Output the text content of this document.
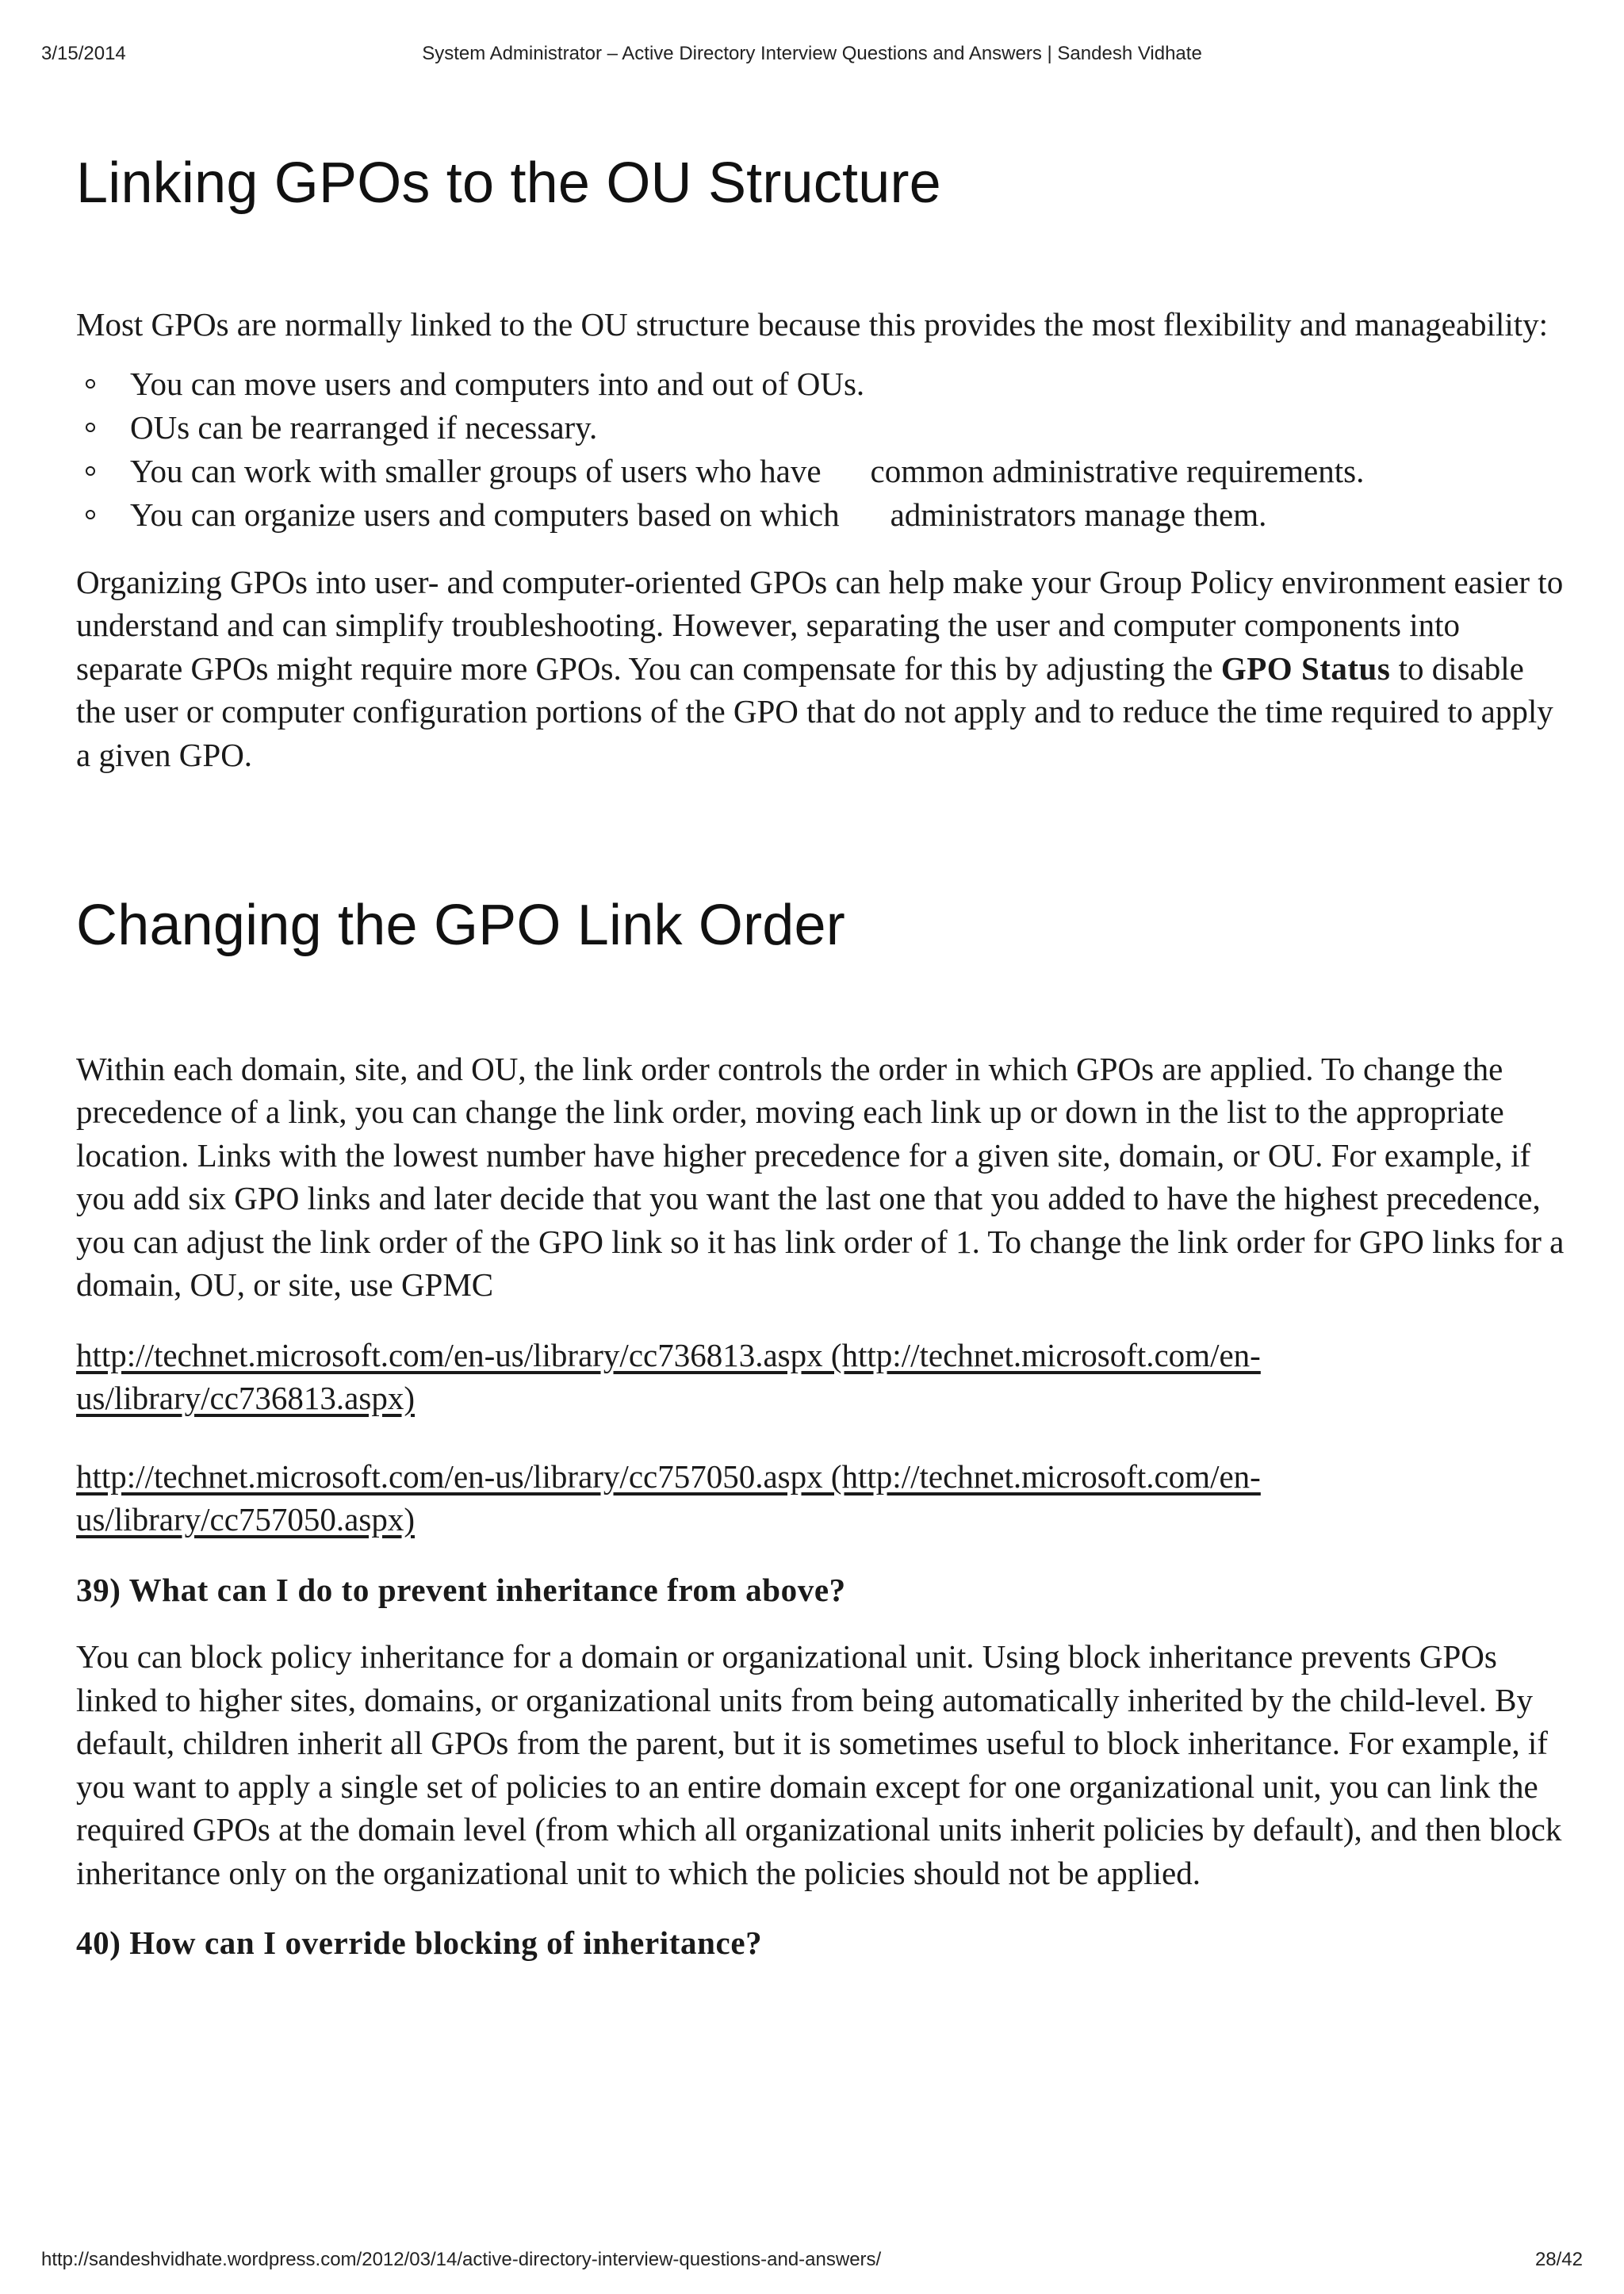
3/15/2014	System Administrator – Active Directory Interview Questions and Answers | Sandesh Vidhate
Linking GPOs to the OU Structure

Most GPOs are normally linked to the OU structure because this provides the most flexibility and manageability:

You can move users and computers into and out of OUs.
OUs can be rearranged if necessary.
You can work with smaller groups of users who have common administrative requirements.
You can organize users and computers based on which administrators manage them.

Organizing GPOs into user- and computer-oriented GPOs can help make your Group Policy environment easier to understand and can simplify troubleshooting. However, separating the user and computer components into separate GPOs might require more GPOs. You can compensate for this by adjusting the GPO Status to disable the user or computer configuration portions of the GPO that do not apply and to reduce the time required to apply a given GPO.

Changing the GPO Link Order

Within each domain, site, and OU, the link order controls the order in which GPOs are applied. To change the precedence of a link, you can change the link order, moving each link up or down in the list to the appropriate location. Links with the lowest number have higher precedence for a given site, domain, or OU. For example, if you add six GPO links and later decide that you want the last one that you added to have the highest precedence, you can adjust the link order of the GPO link so it has link order of 1. To change the link order for GPO links for a domain, OU, or site, use GPMC

http://technet.microsoft.com/en-us/library/cc736813.aspx (http://technet.microsoft.com/en-
us/library/cc736813.aspx)
http://technet.microsoft.com/en-us/library/cc757050.aspx (http://technet.microsoft.com/en-
us/library/cc757050.aspx)

39) What can I do to prevent inheritance from above?

You can block policy inheritance for a domain or organizational unit. Using block inheritance prevents GPOs linked to higher sites, domains, or organizational units from being automatically inherited by the child-level. By default, children inherit all GPOs from the parent, but it is sometimes useful to block inheritance. For example, if you want to apply a single set of policies to an entire domain except for one organizational unit, you can link the required GPOs at the domain level (from which all organizational units inherit policies by default), and then block inheritance only on the organizational unit to which the policies should not be applied.

40) How can I override blocking of inheritance?

http://sandeshvidhate.wordpress.com/2012/03/14/active-directory-interview-questions-and-answers/	28/42
